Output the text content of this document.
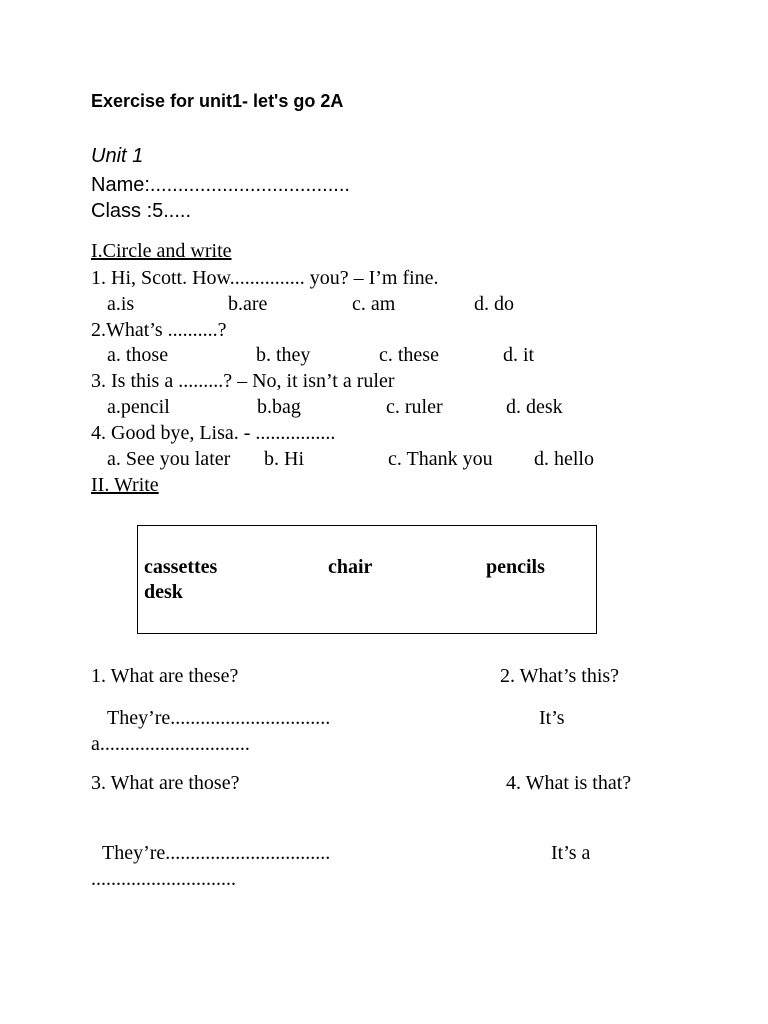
Exercise for unit1- let's go 2A
Unit 1
Name:....................................
Class :5.....
I.Circle and write
1. Hi, Scott. How............... you? – I’m fine.
a.is	b.are	c. am	d. do
2.What’s ..........?
a. those	b. they	c. these	d. it
3. Is this a .........? – No, it isn’t a ruler
a.pencil	b.bag	c. ruler	d. desk
4. Good bye, Lisa. - ................
a. See you later b. Hi	c. Thank you d. hello
II. Write
cassettes	chair	pencils
desk
1. What are these?	2. What’s this?
They’re................................	It’s
a..............................
3. What are those?	4. What is that?
They’re.................................	It’s a
.............................
